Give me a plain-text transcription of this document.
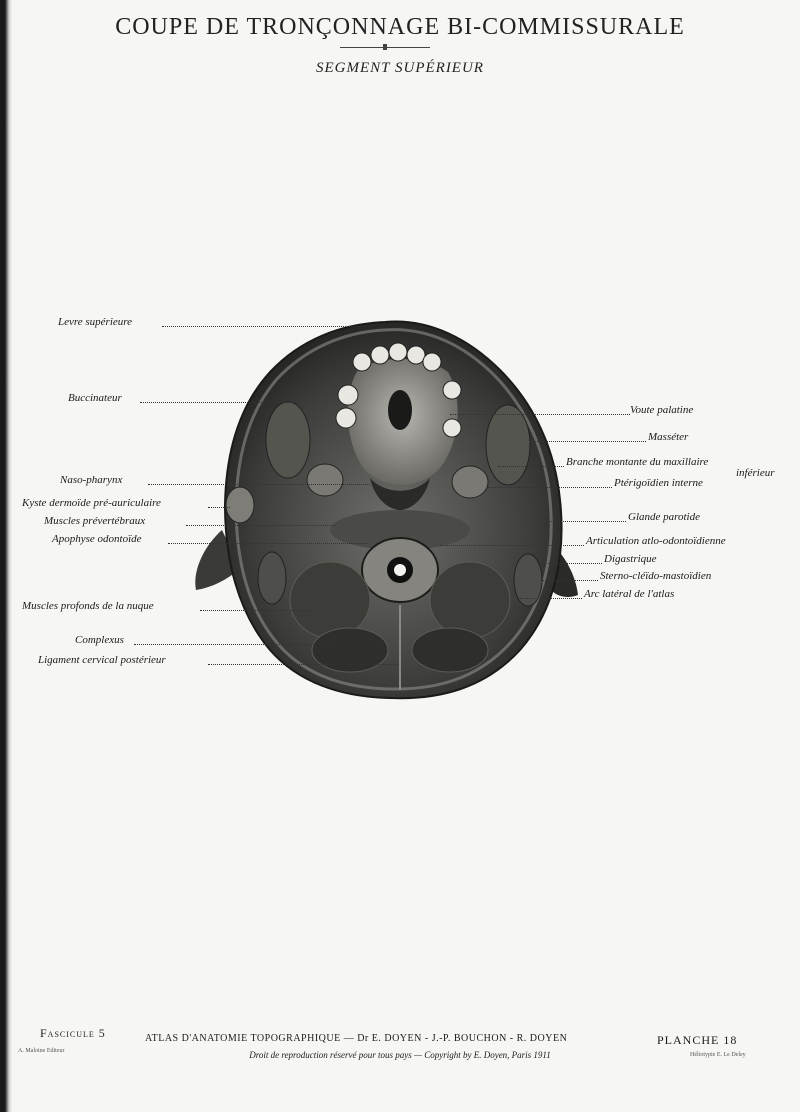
COUPE DE TRONÇONNAGE BI-COMMISSURALE
SEGMENT SUPÉRIEUR
Levre supérieure
Buccinateur
Naso-pharynx
Kyste dermoïde pré-auriculaire
Muscles prévertébraux
Apophyse odontoïde
Muscles profonds de la nuque
Complexus
Ligament cervical postérieur
Voute palatine
Masséter
Branche montante du maxillaire
inférieur
Ptérigoïdien interne
Glande parotide
Articulation atlo-odontoïdienne
Digastrique
Sterno-cléïdo-mastoïdien
Arc latéral de l'atlas
Fascicule 5	ATLAS D'ANATOMIE TOPOGRAPHIQUE — Dr E. DOYEN - J.-P. BOUCHON - R. DOYEN	PLANCHE 18
A. Maloine Editeur	Droit de reproduction réservé pour tous pays — Copyright by E. Doyen, Paris 1911	Héliotypie E. Le Deley
